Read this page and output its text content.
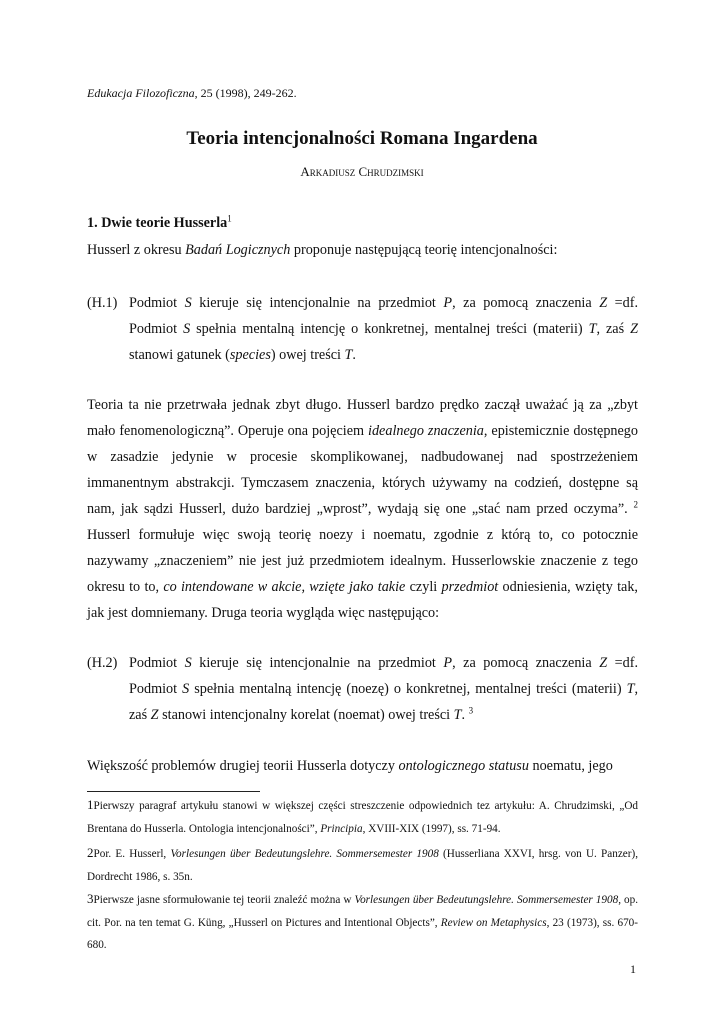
Edukacja Filozoficzna, 25 (1998), 249-262.
Teoria intencjonalności Romana Ingardena
Arkadiusz Chrudzimski
1. Dwie teorie Husserla$^1$

Husserl z okresu Badań Logicznych proponuje następującą teorię intencjonalności:

(H.1) Podmiot S kieruje się intencjonalnie na przedmiot P, za pomocą znaczenia Z =df. Podmiot S spełnia mentalną intencję o konkretnej, mentalnej treści (materii) T, zaś Z stanowi gatunek (species) owej treści T.

Teoria ta nie przetrwała jednak zbyt długo. Husserl bardzo prędko zaczął uważać ją za „zbyt mało fenomenologiczną”. Operuje ona pojęciem idealnego znaczenia, epistemicznie dostępnego w zasadzie jedynie w procesie skomplikowanej, nadbudowanej nad spostrzeżeniem immanentnym abstrakcji. Tymczasem znaczenia, których używamy na codzień, dostępne są nam, jak sądzi Husserl, dużo bardziej „wprost”, wydają się one „stać nam przed oczyma”. $^2$ Husserl formułuje więc swoją teorię noezy i noematu, zgodnie z którą to, co potocznie nazywamy „znaczeniem” nie jest już przedmiotem idealnym. Husserlowskie znaczenie z tego okresu to to, co intendowane w akcie, wzięte jako takie czyli przedmiot odniesienia, wzięty tak, jak jest domniemany. Druga teoria wygląda więc następująco:

(H.2) Podmiot S kieruje się intencjonalnie na przedmiot P, za pomocą znaczenia Z =df. Podmiot S spełnia mentalną intencję (noezę) o konkretnej, mentalnej treści (materii) T, zaś Z stanowi intencjonalny korelat (noemat) owej treści T. $^3$

Większość problemów drugiej teorii Husserla dotyczy ontologicznego statusu noematu, jego

1Pierwszy paragraf artykułu stanowi w większej części streszczenie odpowiednich tez artykułu: A. Chrudzimski, „Od Brentana do Husserla. Ontologia intencjonalności”, Principia, XVIII-XIX (1997), ss. 71-94.

2Por. E. Husserl, Vorlesungen über Bedeutungslehre. Sommersemester 1908 (Husserliana XXVI, hrsg. von U. Panzer), Dordrecht 1986, s. 35n.

3Pierwsze jasne sformułowanie tej teorii znaleźć można w Vorlesungen über Bedeutungslehre. Sommersemester 1908, op. cit. Por. na ten temat G. Küng, „Husserl on Pictures and Intentional Objects”, Review on Metaphysics, 23 (1973), ss. 670-680.

1
